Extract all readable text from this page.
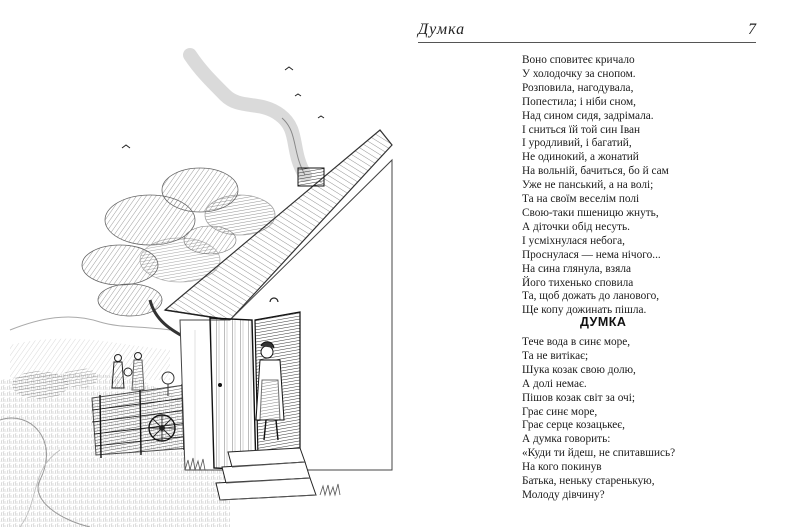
Думка	7
Воно сповитеє кричало
У холодочку за снопом.
Розповила, нагодувала,
Попестила; і ніби сном,
Над сином сидя, задрімала.
І сниться їй той син Іван
І уродливий, і багатий,
Не одинокий, а жонатий
На вольній, бачиться, бо й сам
Уже не панський, а на волі;
Та на своїм веселім полі
Свою-таки пшеницю жнуть,
А діточки обід несуть.
І усміхнулася небога,
Проснулася — нема нічого...
На сина глянула, взяла
Його тихенько сповила
Та, щоб дожать до ланового,
Ще копу дожинать пішла.
ДУМКА
Тече вода в синє море,
Та не витікає;
Шука козак свою долю,
А долі немає.
Пішов козак світ за очі;
Грає синє море,
Грає серце козацькеє,
А думка говорить:
«Куди ти йдеш, не спитавшись?
На кого покинув
Батька, неньку старенькую,
Молоду дівчину?
